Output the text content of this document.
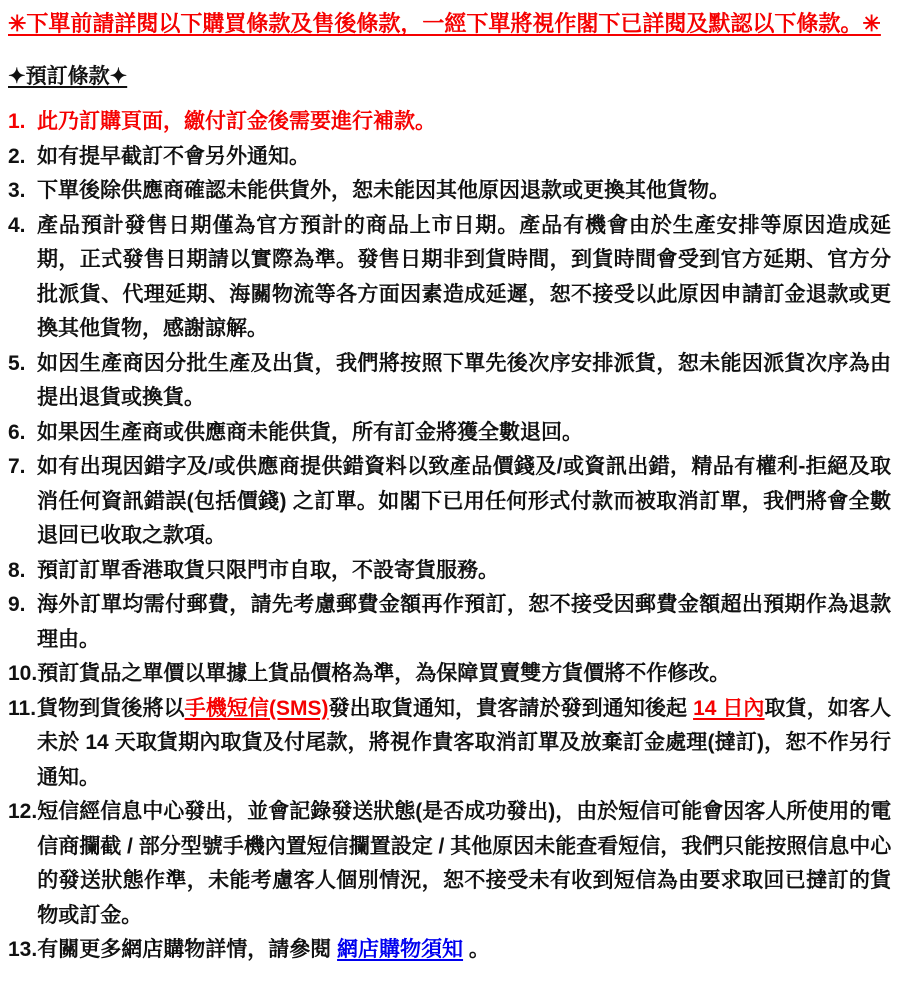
✳下單前請詳閱以下購買條款及售後條款，一經下單將視作閣下已詳閱及默認以下條款。✳

✦預訂條款✦
1. 此乃訂購頁面，繳付訂金後需要進行補款。

2. 如有提早截訂不會另外通知。

3. 下單後除供應商確認未能供貨外，恕未能因其他原因退款或更換其他貨物。

4. 產品預計發售日期僅為官方預計的商品上市日期。產品有機會由於生產安排等原因造成延期，正式發售日期請以實際為準。發售日期非到貨時間，到貨時間會受到官方延期、官方分批派貨、代理延期、海關物流等各方面因素造成延遲，恕不接受以此原因申請訂金退款或更換其他貨物，感謝諒解。

5. 如因生產商因分批生產及出貨，我們將按照下單先後次序安排派貨，恕未能因派貨次序為由提出退貨或換貨。

6. 如果因生產商或供應商未能供貨，所有訂金將獲全數退回。

7. 如有出現因錯字及/或供應商提供錯資料以致產品價錢及/或資訊出錯，精品有權利-拒絕及取消任何資訊錯誤(包括價錢) 之訂單。如閣下已用任何形式付款而被取消訂單，我們將會全數退回已收取之款項。

8. 預訂訂單香港取貨只限門市自取，不設寄貨服務。

9. 海外訂單均需付郵費，請先考慮郵費金額再作預訂，恕不接受因郵費金額超出預期作為退款理由。

10. 預訂貨品之單價以單據上貨品價格為準，為保障買賣雙方貨價將不作修改。

11. 貨物到貨後將以手機短信(SMS)發出取貨通知，貴客請於發到通知後起 14 日內取貨，如客人未於 14 天取貨期內取貨及付尾款，將視作貴客取消訂單及放棄訂金處理(撻訂)，恕不作另行通知。

12. 短信經信息中心發出，並會記錄發送狀態(是否成功發出)，由於短信可能會因客人所使用的電信商攔截 / 部分型號手機內置短信攔置設定 / 其他原因未能查看短信，我們只能按照信息中心的發送狀態作準，未能考慮客人個別情況，恕不接受未有收到短信為由要求取回已撻訂的貨物或訂金。

13. 有關更多網店購物詳情，請參閱 網店購物須知 。
